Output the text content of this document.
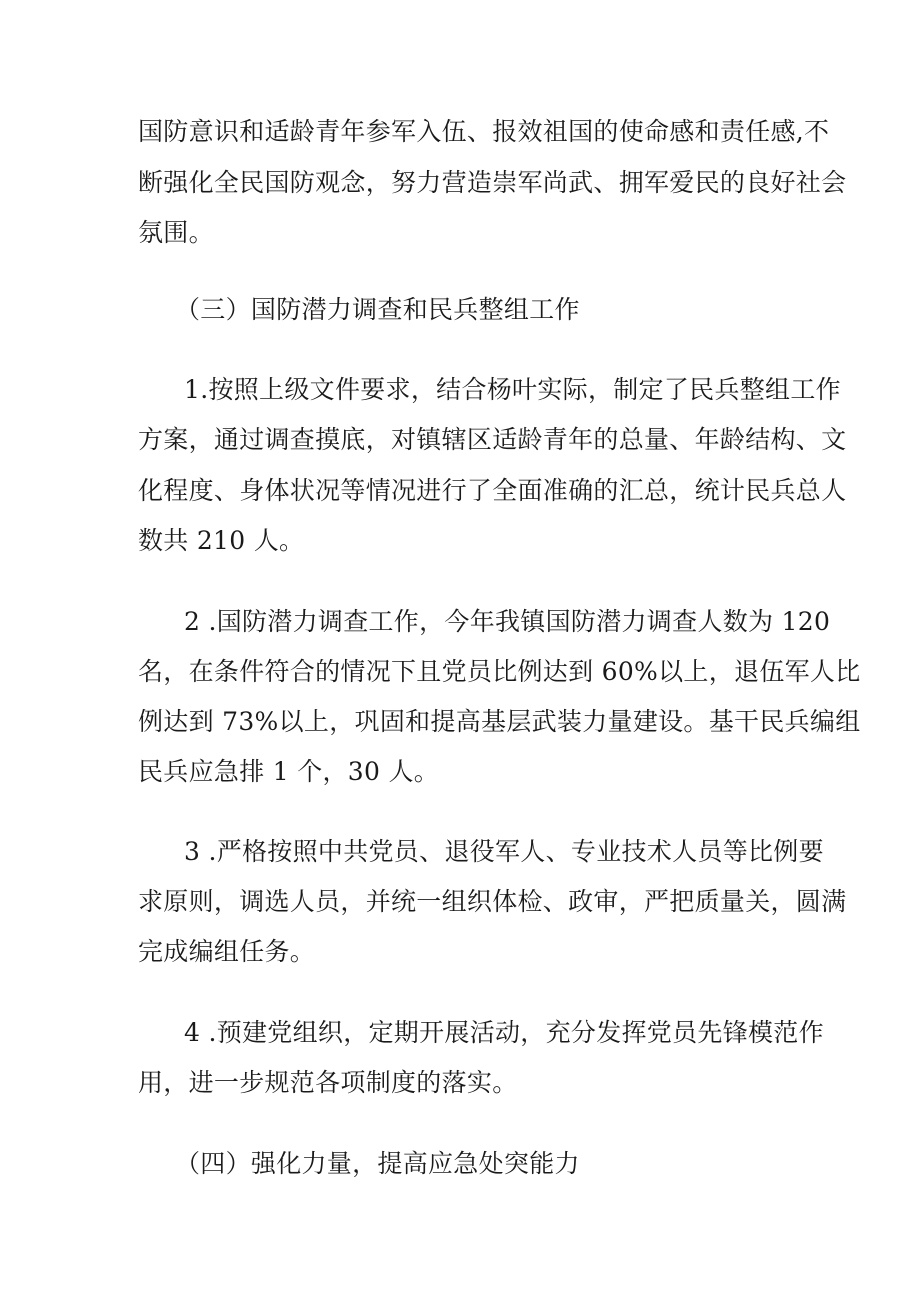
国防意识和适龄青年参军入伍、报效祖国的使命感和责任感,不
断强化全民国防观念，努力营造崇军尚武、拥军爱民的良好社会
氛围。
（三）国防潜力调查和民兵整组工作
1.按照上级文件要求，结合杨叶实际，制定了民兵整组工作
方案，通过调查摸底，对镇辖区适龄青年的总量、年龄结构、文
化程度、身体状况等情况进行了全面准确的汇总，统计民兵总人
数共 210 人。
2 .国防潜力调查工作，今年我镇国防潜力调查人数为 120
名，在条件符合的情况下且党员比例达到 60%以上，退伍军人比
例达到 73%以上，巩固和提高基层武装力量建设。基干民兵编组
民兵应急排 1 个，30 人。
3 .严格按照中共党员、退役军人、专业技术人员等比例要
求原则，调选人员，并统一组织体检、政审，严把质量关，圆满
完成编组任务。
4 .预建党组织，定期开展活动，充分发挥党员先锋模范作
用，进一步规范各项制度的落实。
（四）强化力量，提高应急处突能力
